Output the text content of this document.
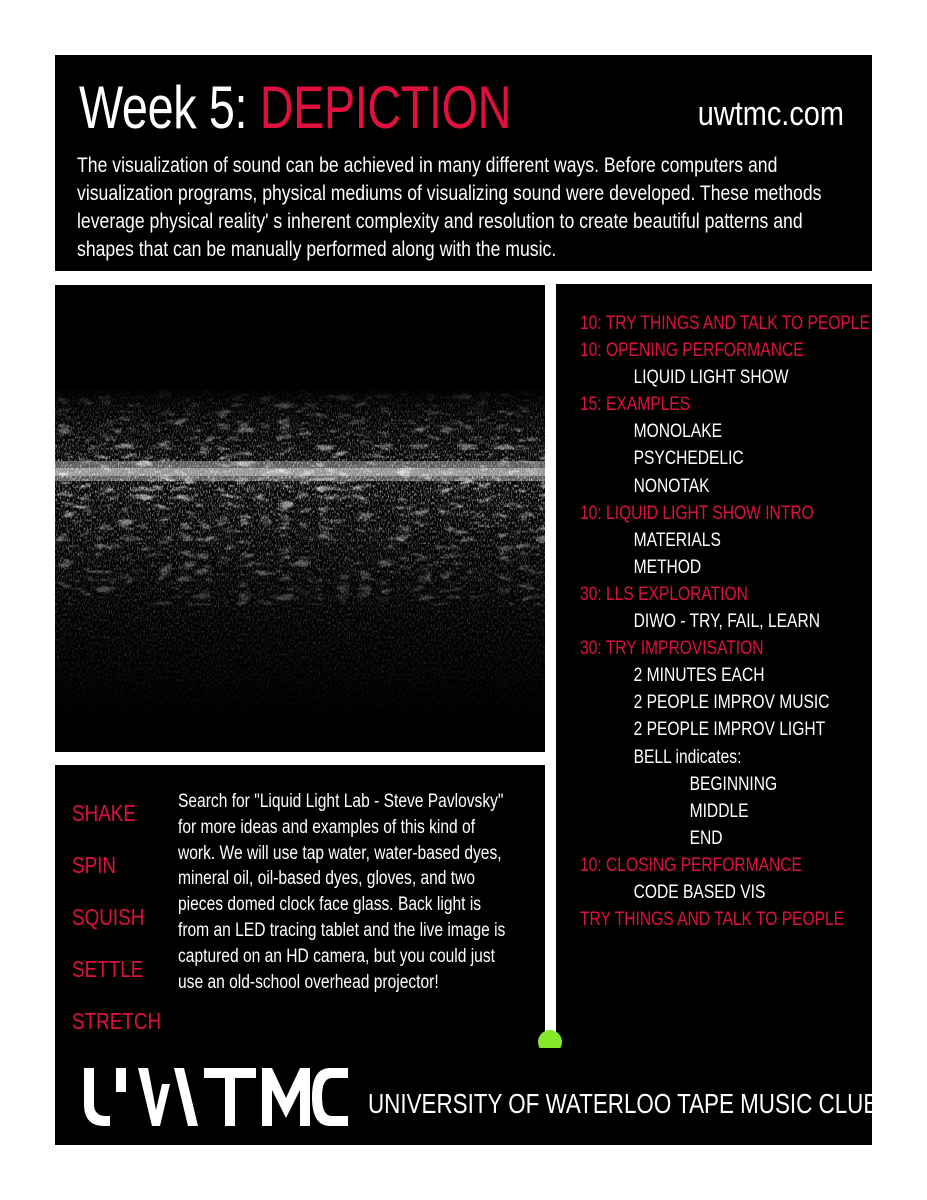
Week 5: DEPICTION	uwtmc.com
The visualization of sound can be achieved in many different ways. Before computers and visualization programs, physical mediums of visualizing sound were developed. These methods leverage physical reality' s inherent complexity and resolution to create beautiful patterns and shapes that can be manually performed along with the music.
SHAKE
SPIN
SQUISH
SETTLE
STRETCH
Search for "Liquid Light Lab - Steve Pavlovsky" for more ideas and examples of this kind of work. We will use tap water, water-based dyes, mineral oil, oil-based dyes, gloves, and two pieces domed clock face glass. Back light is from an LED tracing tablet and the live image is captured on an HD camera, but you could just use an old-school overhead projector!
10: TRY THINGS AND TALK TO PEOPLE
10: OPENING PERFORMANCE
LIQUID LIGHT SHOW
15: EXAMPLES
MONOLAKE
PSYCHEDELIC
NONOTAK
10: LIQUID LIGHT SHOW INTRO
MATERIALS
METHOD
30: LLS EXPLORATION
DIWO - TRY, FAIL, LEARN
30: TRY IMPROVISATION
2 MINUTES EACH
2 PEOPLE IMPROV MUSIC
2 PEOPLE IMPROV LIGHT
BELL indicates:
BEGINNING
MIDDLE
END
10: CLOSING PERFORMANCE
CODE BASED VIS
TRY THINGS AND TALK TO PEOPLE
UNIVERSITY OF WATERLOO TAPE MUSIC CLUB
